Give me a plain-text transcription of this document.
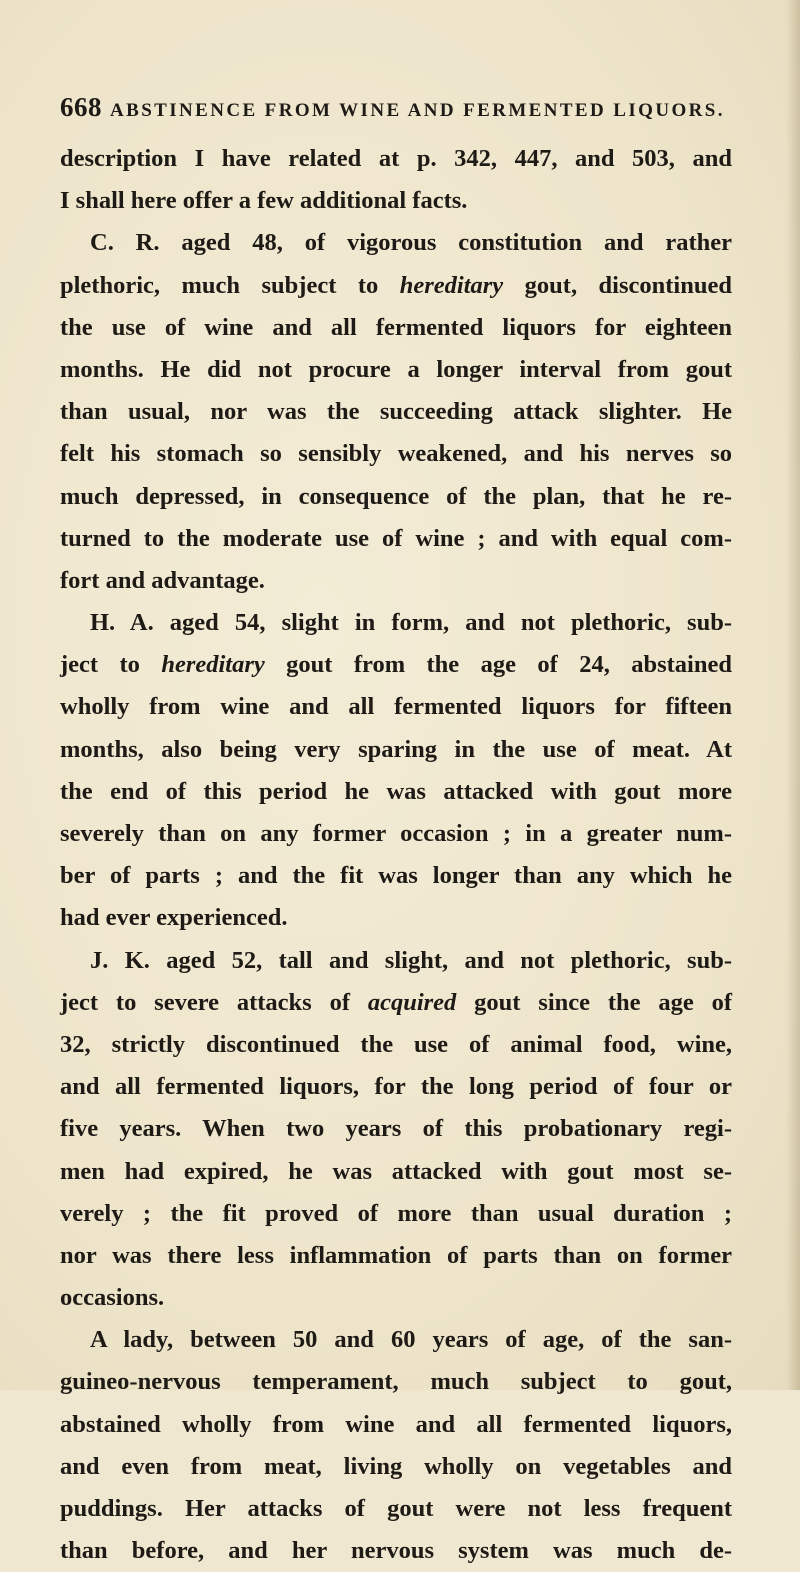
668 ABSTINENCE FROM WINE AND FERMENTED LIQUORS.
description I have related at p. 342, 447, and 503, and
I shall here offer a few additional facts.
C. R. aged 48, of vigorous constitution and rather
plethoric, much subject to hereditary gout, discontinued
the use of wine and all fermented liquors for eighteen
months. He did not procure a longer interval from gout
than usual, nor was the succeeding attack slighter. He
felt his stomach so sensibly weakened, and his nerves so
much depressed, in consequence of the plan, that he re-
turned to the moderate use of wine ; and with equal com-
fort and advantage.
H. A. aged 54, slight in form, and not plethoric, sub-
ject to hereditary gout from the age of 24, abstained
wholly from wine and all fermented liquors for fifteen
months, also being very sparing in the use of meat. At
the end of this period he was attacked with gout more
severely than on any former occasion ; in a greater num-
ber of parts ; and the fit was longer than any which he
had ever experienced.
J. K. aged 52, tall and slight, and not plethoric, sub-
ject to severe attacks of acquired gout since the age of
32, strictly discontinued the use of animal food, wine,
and all fermented liquors, for the long period of four or
five years. When two years of this probationary regi-
men had expired, he was attacked with gout most se-
verely ; the fit proved of more than usual duration ;
nor was there less inflammation of parts than on former
occasions.
A lady, between 50 and 60 years of age, of the san-
guineo-nervous temperament, much subject to gout,
abstained wholly from wine and all fermented liquors,
and even from meat, living wholly on vegetables and
puddings. Her attacks of gout were not less frequent
than before, and her nervous system was much de-
